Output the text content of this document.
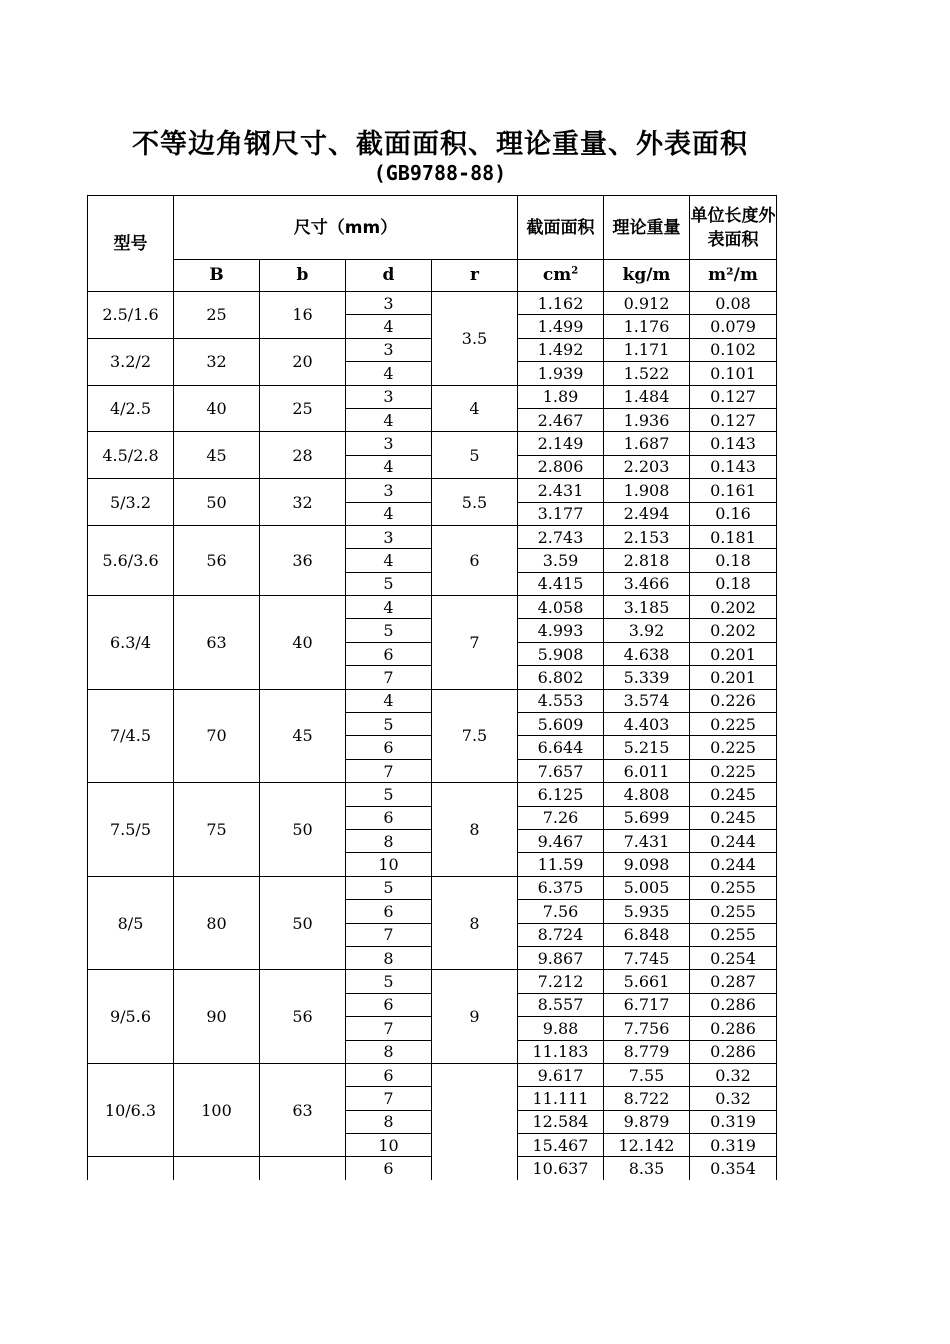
不等边角钢尺寸、截面面积、理论重量、外表面积
(GB9788-88)
型号	尺寸（mm）				截面面积	理论重量	单位长度外表面积
	B	b	d	r	$cm^2$	kg/m	m²/m
2.5/1.6	25	16	3	3.5	1.162	0.912	0.08
			4		1.499	1.176	0.079
3.2/2	32	20	3		1.492	1.171	0.102
			4		1.939	1.522	0.101
4/2.5	40	25	3	4	1.89	1.484	0.127
			4		2.467	1.936	0.127
4.5/2.8	45	28	3	5	2.149	1.687	0.143
			4		2.806	2.203	0.143
5/3.2	50	32	3	5.5	2.431	1.908	0.161
			4		3.177	2.494	0.16
5.6/3.6	56	36	3	6	2.743	2.153	0.181
			4		3.59	2.818	0.18
			5		4.415	3.466	0.18
6.3/4	63	40	4	7	4.058	3.185	0.202
			5		4.993	3.92	0.202
			6		5.908	4.638	0.201
			7		6.802	5.339	0.201
7/4.5	70	45	4	7.5	4.553	3.574	0.226
			5		5.609	4.403	0.225
			6		6.644	5.215	0.225
			7		7.657	6.011	0.225
7.5/5	75	50	5	8	6.125	4.808	0.245
			6		7.26	5.699	0.245
			8		9.467	7.431	0.244
			10		11.59	9.098	0.244
8/5	80	50	5	8	6.375	5.005	0.255
			6		7.56	5.935	0.255
			7		8.724	6.848	0.255
			8		9.867	7.745	0.254
9/5.6	90	56	5	9	7.212	5.661	0.287
			6		8.557	6.717	0.286
			7		9.88	7.756	0.286
			8		11.183	8.779	0.286
10/6.3	100	63	6		9.617	7.55	0.32
			7		11.111	8.722	0.32
			8		12.584	9.879	0.319
			10		15.467	12.142	0.319
			6		10.637	8.35	0.354
